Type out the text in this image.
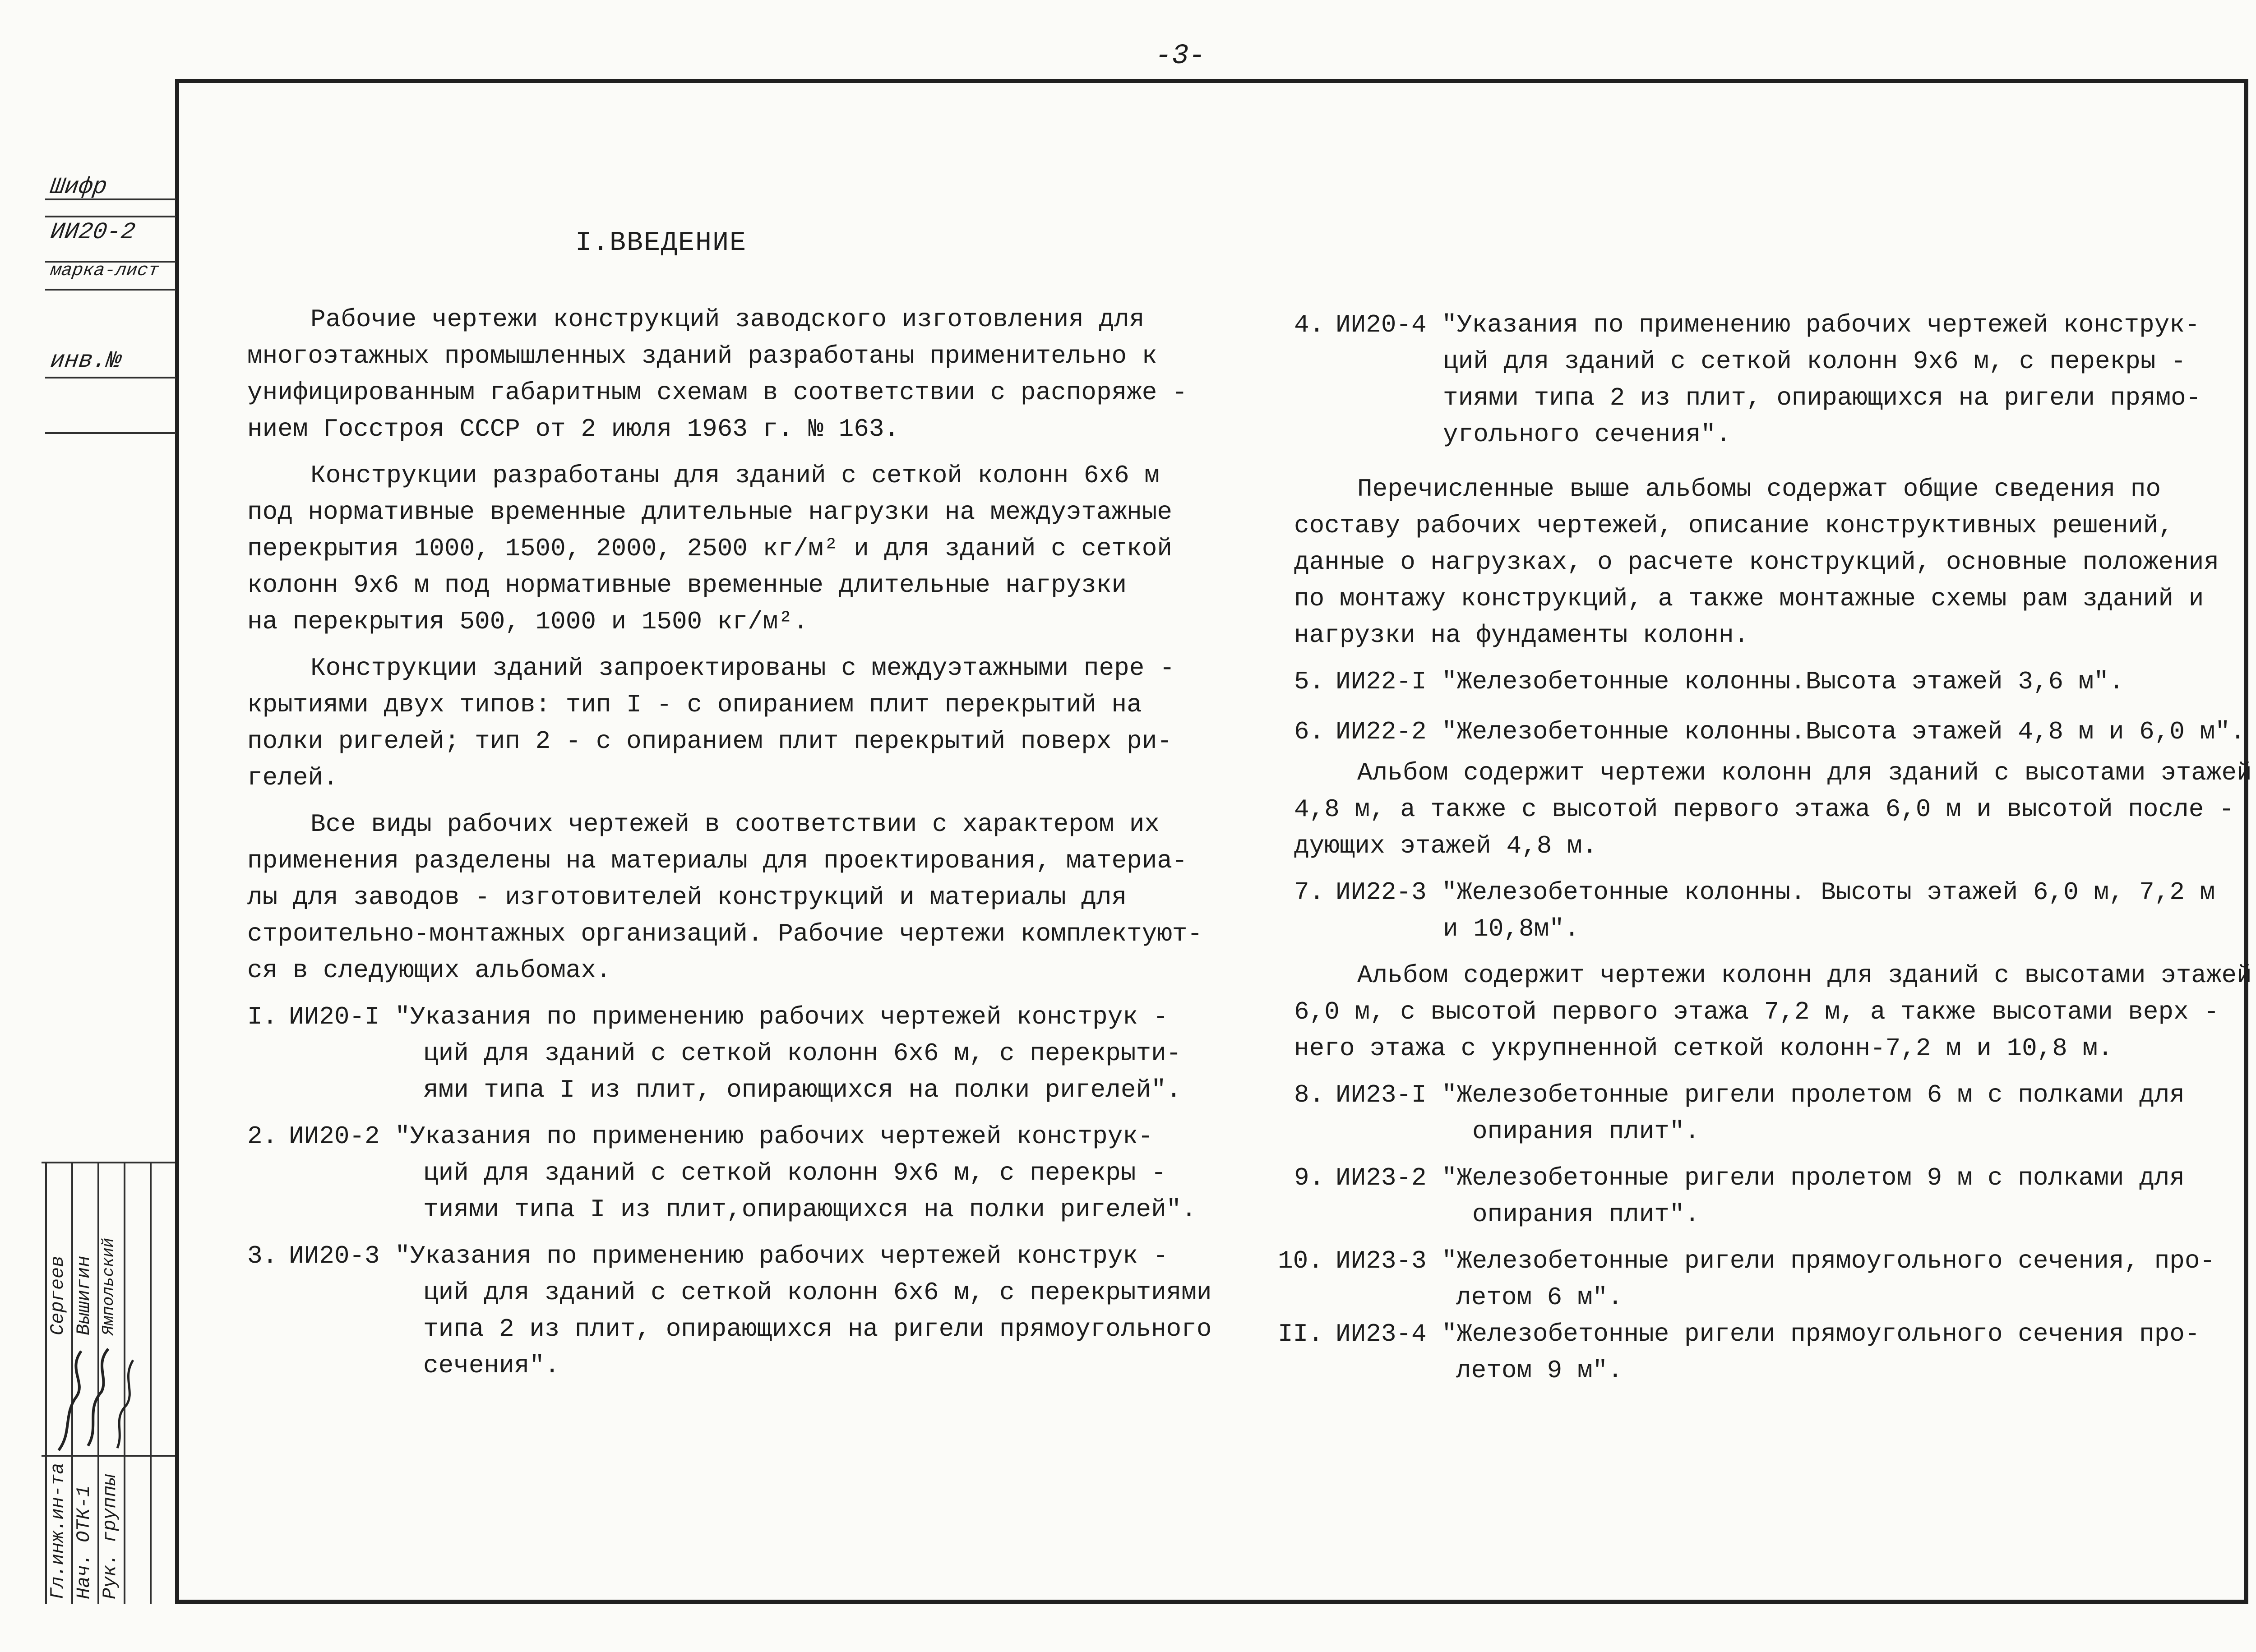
-3-
Шифр
ИИ20-2
марка-лист
инв.№
Гл.инж.ин-та Нач. ОТК-1 Рук. группы
Сергеев Вышигин Ямпольский
I.ВВЕДЕНИЕ

Рабочие чертежи конструкций заводского изготовления для
многоэтажных промышленных зданий разработаны применительно к
унифицированным габаритным схемам в соответствии с распоряже -
нием Госстроя СССР от 2 июля 1963 г. № 163.

Конструкции разработаны для зданий с сеткой колонн 6х6 м
под нормативные временные длительные нагрузки на междуэтажные
перекрытия 1000, 1500, 2000, 2500 кг/м² и для зданий с сеткой
колонн 9х6 м под нормативные временные длительные нагрузки
на перекрытия 500, 1000 и 1500 кг/м².

Конструкции зданий запроектированы с междуэтажными пере -
крытиями двух типов: тип I - с опиранием плит перекрытий на
полки ригелей; тип 2 - с опиранием плит перекрытий поверх ри-
гелей.

Все виды рабочих чертежей в соответствии с характером их
применения разделены на материалы для проектирования, материа-
лы для заводов - изготовителей конструкций и материалы для
строительно-монтажных организаций. Рабочие чертежи комплектуют-
ся в следующих альбомах.

I. ИИ20-I "Указания по применению рабочих чертежей конструк -
ций для зданий с сеткой колонн 6х6 м, с перекрыти-
ями типа I из плит, опирающихся на полки ригелей".
2. ИИ20-2 "Указания по применению рабочих чертежей конструк-
ций для зданий с сеткой колонн 9х6 м, с перекры -
тиями типа I из плит,опирающихся на полки ригелей".
3. ИИ20-3 "Указания по применению рабочих чертежей конструк -
ций для зданий с сеткой колонн 6х6 м, с перекрытиями
типа 2 из плит, опирающихся на ригели прямоугольного
сечения".
4. ИИ20-4 "Указания по применению рабочих чертежей конструк-
ций для зданий с сеткой колонн 9х6 м, с перекры -
тиями типа 2 из плит, опирающихся на ригели прямо-
угольного сечения".

Перечисленные выше альбомы содержат общие сведения по
составу рабочих чертежей, описание конструктивных решений,
данные о нагрузках, о расчете конструкций, основные положения
по монтажу конструкций, а также монтажные схемы рам зданий и
нагрузки на фундаменты колонн.

5. ИИ22-I "Железобетонные колонны.Высота этажей 3,6 м".
6. ИИ22-2 "Железобетонные колонны.Высота этажей 4,8 м и 6,0 м".

Альбом содержит чертежи колонн для зданий с высотами этажей
4,8 м, а также с высотой первого этажа 6,0 м и высотой после -
дующих этажей 4,8 м.

7. ИИ22-3 "Железобетонные колонны. Высоты этажей 6,0 м, 7,2 м
и 10,8м".

Альбом содержит чертежи колонн для зданий с высотами этажей
6,0 м, с высотой первого этажа 7,2 м, а также высотами верх -
него этажа с укрупненной сеткой колонн-7,2 м и 10,8 м.

8. ИИ23-I "Железобетонные ригели пролетом 6 м с полками для
опирания плит".
9. ИИ23-2 "Железобетонные ригели пролетом 9 м с полками для
опирания плит".
10. ИИ23-3 "Железобетонные ригели прямоугольного сечения, про-
летом 6 м".
II. ИИ23-4 "Железобетонные ригели прямоугольного сечения про-
летом 9 м".
